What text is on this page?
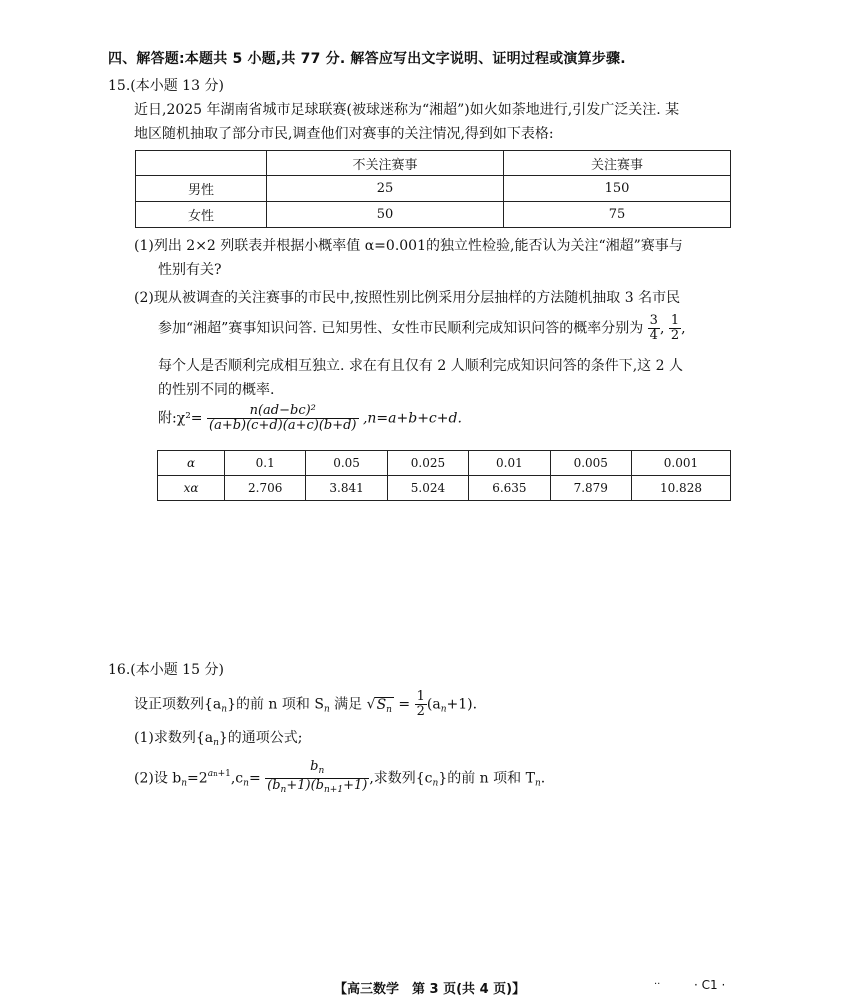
四、解答题:本题共 5 小题,共 77 分. 解答应写出文字说明、证明过程或演算步骤.
15.(本小题 13 分)
近日,2025 年湖南省城市足球联赛(被球迷称为“湘超”)如火如荼地进行,引发广泛关注. 某
地区随机抽取了部分市民,调查他们对赛事的关注情况,得到如下表格:
	不关注赛事	关注赛事
男性	25	150
女性	50	75
(1)列出 2×2 列联表并根据小概率值 α=0.001的独立性检验,能否认为关注“湘超”赛事与
性别有关?
(2)现从被调查的关注赛事的市民中,按照性别比例采用分层抽样的方法随机抽取 3 名市民
参加“湘超”赛事知识问答. 已知男性、女性市民顺利完成知识问答的概率分别为 $\frac{3}{4}$ , $\frac{1}{2}$ ,
每个人是否顺利完成相互独立. 求在有且仅有 2 人顺利完成知识问答的条件下,这 2 人
的性别不同的概率.
附:χ²= $\frac{\text{n(ad−bc)²}}{(a+b)(c+d)(a+c)(b+d)} ,n=a+b+c+d$.
α	0.1	0.05	0.025	0.01	0.005	0.001
xα	2.706	3.841	5.024	6.635	7.879	10.828
16.(本小题 15 分)
设正项数列$\{a_n\}$的前 n 项和 $S_n$ 满足 $√S_n = \frac{1}{2} (a_n+1)$.
(1)求数列$\{a_n\}$的通项公式;
(2)设 $b_n=2^{an+1},c_n= \frac{b_n}{(b_n+1)(b_{n+1}+1)}$ ,求数列$\{c_n\}$的前 n 项和 $T_n$.
【高三数学　第 3 页(共 4 页)】
..	· C1 ·
